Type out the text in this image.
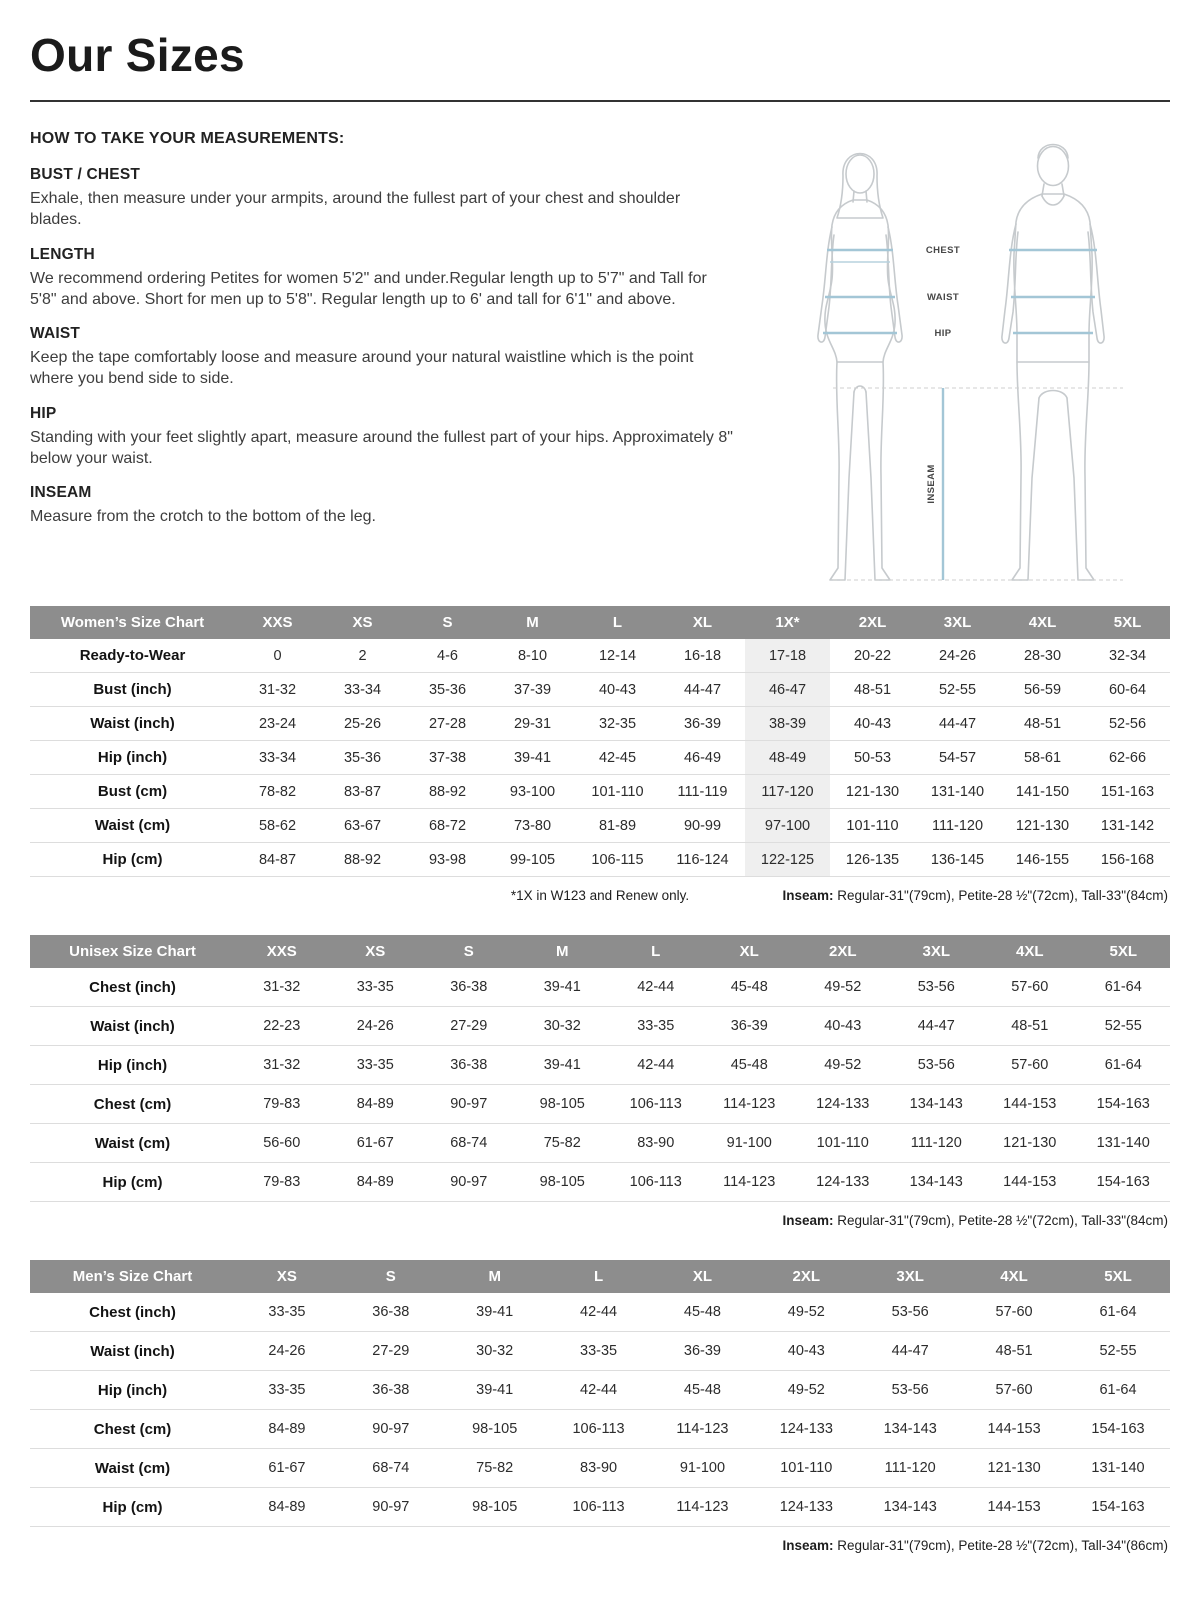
Our Sizes
HOW TO TAKE YOUR MEASUREMENTS:
BUST / CHEST
Exhale, then measure under your armpits, around the fullest part of your chest and shoulder blades.
LENGTH
We recommend ordering Petites for women 5'2" and under.Regular length up to 5'7" and Tall for 5'8" and above. Short for men up to 5'8". Regular length up to 6' and tall for 6'1" and above.
WAIST
Keep the tape comfortably loose and measure around your natural waistline which is the point where you bend side to side.
HIP
Standing with your feet slightly apart, measure around the fullest part of your hips. Approximately 8" below your waist.
INSEAM
Measure from the crotch to the bottom of the leg.
CHEST
WAIST
HIP
INSEAM
Women’s Size Chart	XXS	XS	S	M	L	XL	1X*	2XL	3XL	4XL	5XL
Ready-to-Wear	0	2	4-6	8-10	12-14	16-18	17-18	20-22	24-26	28-30	32-34
Bust (inch)	31-32	33-34	35-36	37-39	40-43	44-47	46-47	48-51	52-55	56-59	60-64
Waist (inch)	23-24	25-26	27-28	29-31	32-35	36-39	38-39	40-43	44-47	48-51	52-56
Hip (inch)	33-34	35-36	37-38	39-41	42-45	46-49	48-49	50-53	54-57	58-61	62-66
Bust (cm)	78-82	83-87	88-92	93-100	101-110	111-119	117-120	121-130	131-140	141-150	151-163
Waist (cm)	58-62	63-67	68-72	73-80	81-89	90-99	97-100	101-110	111-120	121-130	131-142
Hip (cm)	84-87	88-92	93-98	99-105	106-115	116-124	122-125	126-135	136-145	146-155	156-168
*1X in W123 and Renew only.	Inseam: Regular-31"(79cm), Petite-28 ½"(72cm), Tall-33"(84cm)
Unisex Size Chart	XXS	XS	S	M	L	XL	2XL	3XL	4XL	5XL
Chest (inch)	31-32	33-35	36-38	39-41	42-44	45-48	49-52	53-56	57-60	61-64
Waist (inch)	22-23	24-26	27-29	30-32	33-35	36-39	40-43	44-47	48-51	52-55
Hip (inch)	31-32	33-35	36-38	39-41	42-44	45-48	49-52	53-56	57-60	61-64
Chest (cm)	79-83	84-89	90-97	98-105	106-113	114-123	124-133	134-143	144-153	154-163
Waist (cm)	56-60	61-67	68-74	75-82	83-90	91-100	101-110	111-120	121-130	131-140
Hip (cm)	79-83	84-89	90-97	98-105	106-113	114-123	124-133	134-143	144-153	154-163
Inseam: Regular-31"(79cm), Petite-28 ½"(72cm), Tall-33"(84cm)
Men’s Size Chart	XS	S	M	L	XL	2XL	3XL	4XL	5XL
Chest (inch)	33-35	36-38	39-41	42-44	45-48	49-52	53-56	57-60	61-64
Waist (inch)	24-26	27-29	30-32	33-35	36-39	40-43	44-47	48-51	52-55
Hip (inch)	33-35	36-38	39-41	42-44	45-48	49-52	53-56	57-60	61-64
Chest (cm)	84-89	90-97	98-105	106-113	114-123	124-133	134-143	144-153	154-163
Waist (cm)	61-67	68-74	75-82	83-90	91-100	101-110	111-120	121-130	131-140
Hip (cm)	84-89	90-97	98-105	106-113	114-123	124-133	134-143	144-153	154-163
Inseam: Regular-31"(79cm), Petite-28 ½"(72cm), Tall-34"(86cm)
